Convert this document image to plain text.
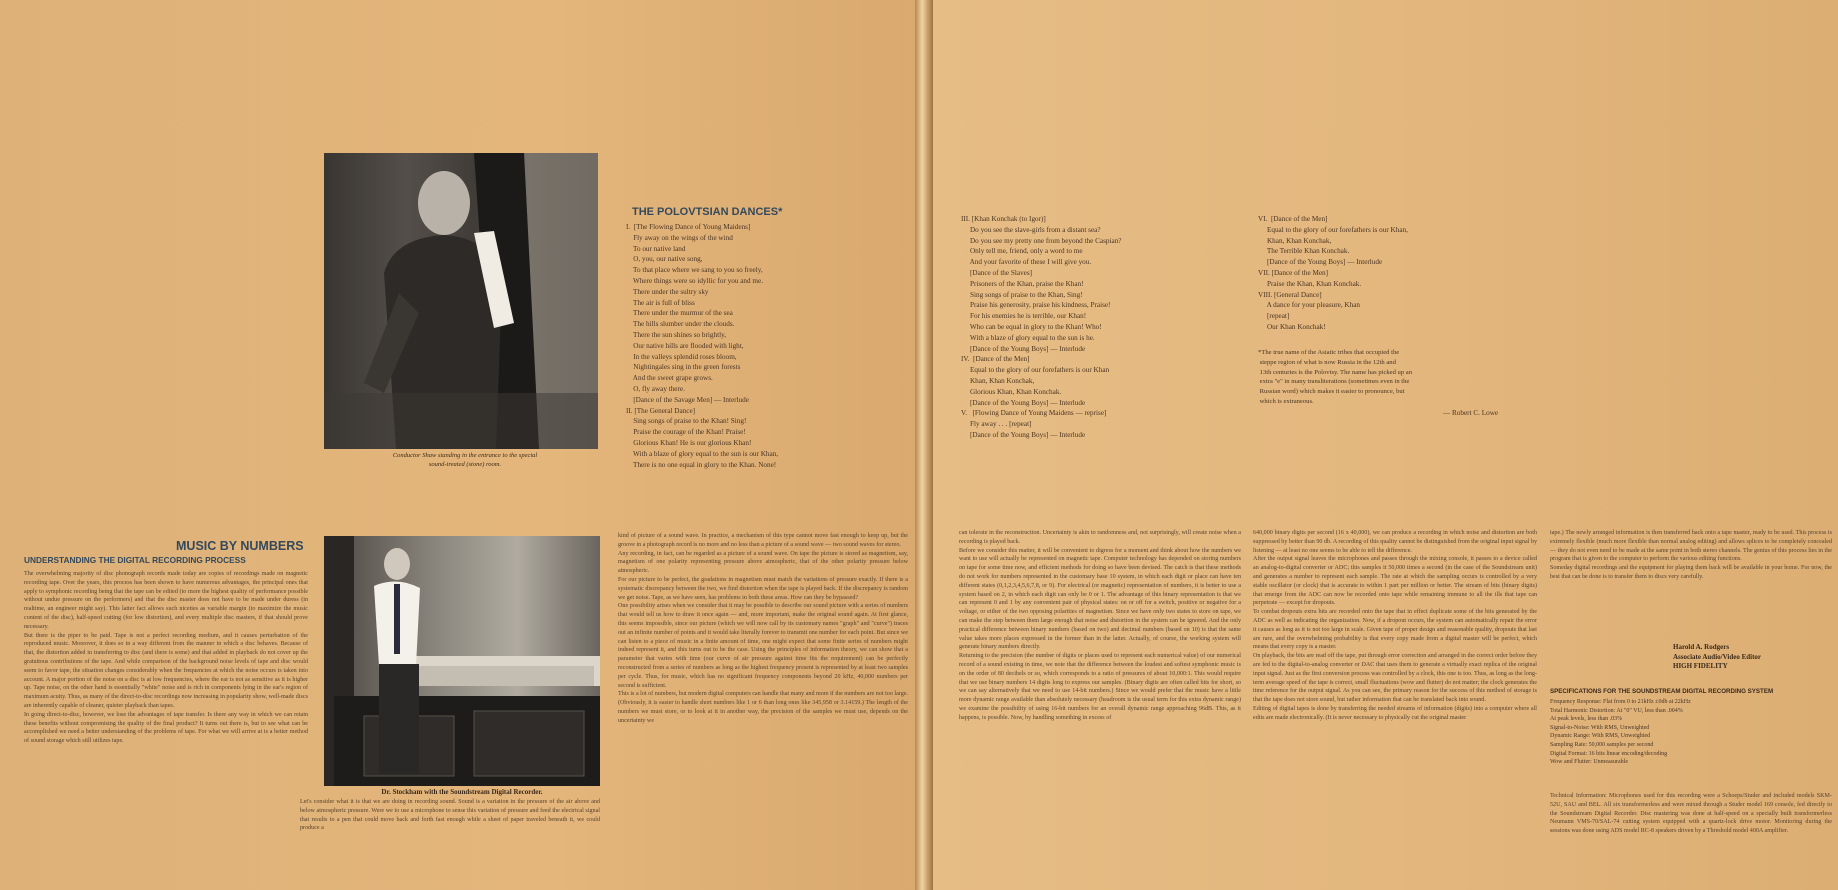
Conductor Shaw standing in the entrance to the special
sound-treated (stone) room.
THE POLOVTSIAN DANCES*
I.  [The Flowing Dance of Young Maidens]
Fly away on the wings of the wind
To our native land
O, you, our native song,
To that place where we sang to you so freely,
Where things were so idyllic for you and me.
There under the sultry sky
The air is full of bliss
There under the murmur of the sea
The hills slumber under the clouds.
There the sun shines so brightly,
Our native hills are flooded with light,
In the valleys splendid roses bloom,
Nightingales sing in the green forests
And the sweet grape grows.
O, fly away there.
[Dance of the Savage Men] — Interlude
II. [The General Dance]
Sing songs of praise to the Khan! Sing!
Praise the courage of the Khan! Praise!
Glorious Khan! He is our glorious Khan!
With a blaze of glory equal to the sun is our Khan,
There is no one equal in glory to the Khan. None!
MUSIC BY NUMBERS
UNDERSTANDING THE DIGITAL RECORDING PROCESS
The overwhelming majority of disc phonograph records made today are copies of recordings made on magnetic recording tape. Over the years, this process has been shown to have numerous advantages, the principal ones that apply to symphonic recording being that the tape can be edited (to more the highest quality of performance possible without undue pressure on the performers) and that the disc master does not have to be made under duress (in realtime, an engineer might say). This latter fact allows such niceties as variable margin (to maximize the music content of the disc), half-speed cutting (for low distortion), and every multiple disc masters, if that should prove necessary.
But there is the piper to be paid. Tape is not a perfect recording medium, and it causes perturbation of the reproduced music. Moreover, it does so in a way different from the manner in which a disc behaves. Because of that, the distortion added in transferring to disc (and there is some) and that added in playback do not cover up the gratuitous contributions of the tape. And while comparison of the background noise levels of tape and disc would seem to favor tape, the situation changes considerably when the frequencies at which the noise occurs is taken into account. A major portion of the noise on a disc is at low frequencies, where the ear is not as sensitive as it is higher up. Tape noise, on the other hand is essentially "white" noise and is rich in components lying in the ear's region of maximum acuity. Thus, as many of the direct-to-disc recordings now increasing in popularity show, well-made discs are inherently capable of cleaner, quieter playback than tapes.
In going direct-to-disc, however, we lose the advantages of tape transfer. Is there any way in which we can retain these benefits without compromising the quality of the final product? It turns out there is, but to see what can be accomplished we need a better understanding of the problems of tape. For what we will arrive at is a better method of sound storage which still utilizes tape.
Dr. Stockham with the Soundstream Digital Recorder.
Let's consider what it is that we are doing in recording sound. Sound is a variation in the pressure of the air above and below atmospheric pressure. Were we to use a microphone to sense this variation of pressure and feed the electrical signal that results to a pen that could move back and forth fast enough while a sheet of paper traveled beneath it, we could produce a
kind of picture of a sound wave. In practice, a mechanism of this type cannot move fast enough to keep up, but the groove in a photograph record is no more and no less than a picture of a sound wave — two sound waves for stereo.
Any recording, in fact, can be regarded as a picture of a sound wave. On tape the picture is stored as magnetism, say, magnetism of one polarity representing pressure above atmospheric, that of the other polarity pressure below atmospheric.
For our picture to be perfect, the gradations in magnetism must match the variations of pressure exactly. If there is a systematic discrepancy between the two, we find distortion when the tape is played back. If the discrepancy is random we get noise. Tape, as we have seen, has problems in both these areas. How can they be bypassed?
One possibility arises when we consider that it may be possible to describe our sound picture with a series of numbers that would tell us how to draw it once again — and, more important, make the original sound again. At first glance, this seems impossible, since our picture (which we will now call by its customary names "graph" and "curve") traces out an infinite number of points and it would take literally forever to transmit one number for each point. But since we can listen to a piece of music in a finite amount of time, one might expect that some finite series of numbers might indeed represent it, and this turns out to be the case. Using the principles of information theory, we can show that a parameter that varies with time (our curve of air pressure against time fits the requirement) can be perfectly reconstructed from a series of numbers as long as the highest frequency present is represented by at least two samples per cycle. Thus, for music, which has no significant frequency components beyond 20 kHz, 40,000 numbers per second is sufficient.
This is a lot of numbers, but modern digital computers can handle that many and more if the numbers are not too large. (Obviously, it is easier to handle short numbers like 1 or 6 than long ones like 345,958 or 3.14159.) The length of the numbers we must store, or to look at it in another way, the precision of the samples we must use, depends on the uncertainty we
III. [Khan Konchak (to Igor)]
Do you see the slave-girls from a distant sea?
Do you see my pretty one from beyond the Caspian?
Only tell me, friend, only a word to me
And your favorite of these I will give you.
[Dance of the Slaves]
Prisoners of the Khan, praise the Khan!
Sing songs of praise to the Khan, Sing!
Praise his generosity, praise his kindness, Praise!
For his enemies he is terrible, our Khan!
Who can be equal in glory to the Khan! Who!
With a blaze of glory equal to the sun is he.
[Dance of the Young Boys] — Interlude
IV.  [Dance of the Men]
Equal to the glory of our forefathers is our Khan
Khan, Khan Konchak,
Glorious Khan, Khan Konchak.
[Dance of the Young Boys] — Interlude
V.   [Flowing Dance of Young Maidens — reprise]
Fly away . . . [repeat]
[Dance of the Young Boys] — Interlude
VI.  [Dance of the Men]
Equal to the glory of our forefathers is our Khan,
Khan, Khan Konchak,
The Terrible Khan Konchak.
[Dance of the Young Boys] — Interlude
VII. [Dance of the Men]
Praise the Khan, Khan Konchak.
VIII. [General Dance]
A dance for your pleasure, Khan
[repeat]
Our Khan Konchak!
*The true name of the Asiatic tribes that occupied the
steppe region of what is now Russia in the 12th and
13th centuries is the Polovtsy. The name has picked up an
extra "e" in many transliterations (sometimes even in the
Russian word) which makes it easier to pronounce, but
which is extraneous.
— Robert C. Lowe
can tolerate in the reconstruction. Uncertainty is akin to randomness and, not surprisingly, will create noise when a recording is played back.
Before we consider this matter, it will be convenient to digress for a moment and think about how the numbers we want to use will actually be represented on magnetic tape. Computer technology has depended on storing numbers on tape for some time now, and efficient methods for doing so have been devised. The catch is that these methods do not work for numbers represented in the customary base 10 system, in which each digit or place can have ten different states (0,1,2,3,4,5,6,7,8, or 9). For electrical (or magnetic) representation of numbers, it is better to use a system based on 2, in which each digit can only be 0 or 1. The advantage of this binary representation is that we can represent 0 and 1 by any convenient pair of physical states: on or off for a switch, positive or negative for a voltage, or either of the two opposing polarities of magnetism. Since we have only two states to store on tape, we can make the step between them large enough that noise and distortion in the system can be ignored. And the only practical difference between binary numbers (based on two) and decimal numbers (based on 10) is that the same value takes more places expressed in the former than in the latter. Actually, of course, the working system will generate binary numbers directly.
Returning to the precision (the number of digits or places used to represent each numerical value) of our numerical record of a sound existing in time, we note that the difference between the loudest and softest symphonic music is on the order of 80 decibels or so, which corresponds to a ratio of pressures of about 10,000:1. This would require that we use binary numbers 14 digits long to express our samples. (Binary digits are often called bits for short, so we can say alternatively that we need to use 14-bit numbers.) Since we would prefer that the music have a little more dynamic range available than absolutely necessary (headroom is the usual term for this extra dynamic range) we examine the possibility of using 16-bit numbers for an overall dynamic range approaching 96dB. This, as it happens, is possible. Now, by handling something in excess of
640,000 binary digits per second (16 x 40,000), we can produce a recording in which noise and distortion are both suppressed by better than 90 db. A recording of this quality cannot be distinguished from the original input signal by listening — at least no one seems to be able to tell the difference.
After the output signal leaves the microphones and passes through the mixing console, it passes to a device called an analog-to-digital converter or ADC; this samples it 50,000 times a second (in the case of the Soundstream unit) and generates a number to represent each sample. The rate at which the sampling occurs is controlled by a very stable oscillator (or clock) that is accurate to within 1 part per million or better. The stream of bits (binary digits) that emerge from the ADC can now be recorded onto tape while remaining immune to all the ills that tape can perpetrate — except for dropouts.
To combat dropouts extra bits are recorded onto the tape that in effect duplicate some of the bits generated by the ADC as well as indicating the organization. Now, if a dropout occurs, the system can automatically repair the error it causes as long as it is not too large in scale. Given tape of proper design and reasonable quality, dropouts that last are rare, and the overwhelming probability is that every copy made from a digital master will be perfect, which means that every copy is a master.
On playback, the bits are read off the tape, put through error correction and arranged in the correct order before they are fed to the digital-to-analog converter or DAC that uses them to generate a virtually exact replica of the original input signal. Just as the first conversion process was controlled by a clock, this one is too. Thus, as long as the long-term average speed of the tape is correct, small fluctuations (wow and flutter) do not matter; the clock generates the time reference for the output signal. As you can see, the primary reason for the success of this method of storage is that the tape does not store sound, but rather information that can be translated back into sound.
Editing of digital tapes is done by transferring the needed streams of information (digits) into a computer where all edits are made electronically. (It is never necessary to physically cut the original master
tape.) The newly arranged information is then transferred back onto a tape master, ready to be used. This process is extremely flexible (much more flexible than normal analog editing) and allows splices to be completely concealed — they do not even need to be made at the same point in both stereo channels. The genius of this process lies in the program that is given to the computer to perform the various editing functions.
Someday digital recordings and the equipment for playing them back will be available in your home. For now, the best that can be done is to transfer them to discs very carefully.
Harold A. Rodgers
Associate Audio/Video Editor
HIGH FIDELITY
SPECIFICATIONS FOR THE SOUNDSTREAM DIGITAL RECORDING SYSTEM
Frequency Response: Flat from 0 to 21kHz ±0db at 22kHz
Total Harmonic Distortion: At "0" VU, less than .004%
At peak levels, less than .03%
Signal-to-Noise: With RMS, Unweighted
Dynamic Range: With RMS, Unweighted
Sampling Rate: 50,000 samples per second
Digital Format: 16 bits linear encoding/decoding
Wow and Flutter: Unmeasurable
Technical Information: Microphones used for this recording were a Schoeps/Studer and included models SKM-52U, SAU and BEL. All six transformerless and were mixed through a Studer model 169 console, fed directly to the Soundstream Digital Recorder. Disc mastering was done at half-speed on a specially built transformerless Neumann VMS-70/SAL-74 cutting system equipped with a quartz-lock drive motor. Monitoring during the sessions was done using ADS model RC-8 speakers driven by a Threshold model 400A amplifier.
